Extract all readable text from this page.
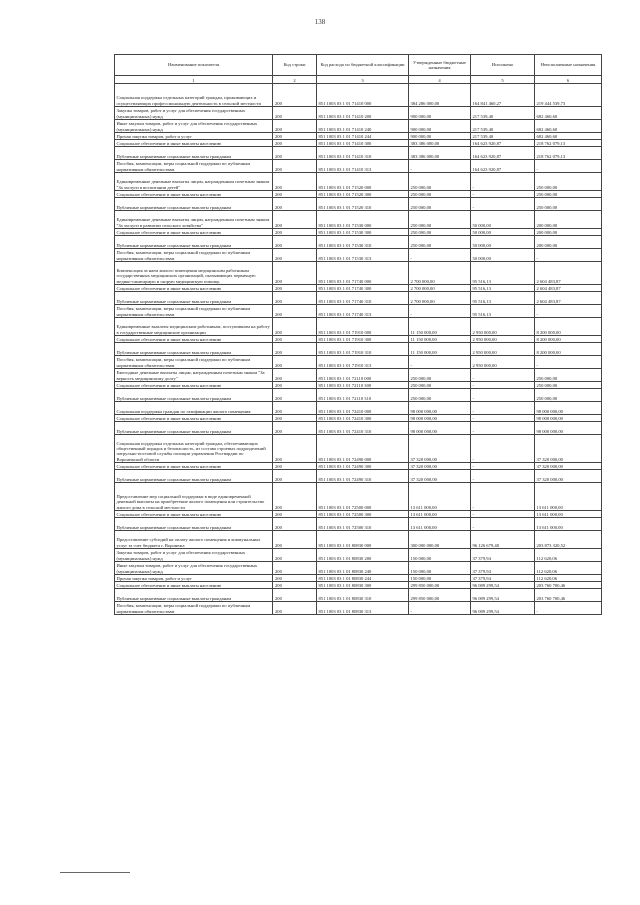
138
Наименование показателя	Код строки	Код расхода по бюджетной классификации	Утвержденные бюджетные назначения	Исполнено	Неисполненные назначения
1	2	3	4	5	6
Социальная поддержка отдельных категорий граждан, проживающих и осуществляющих профессиональную деятельность в сельской местности	200	851 1003 03 1 01 71410 000	384 286 000,00	164 841 460,27	219 444 539,73
Закупка товаров, работ и услуг для обеспечения государственных (муниципальных) нужд	200	851 1003 03 1 01 71410 200	900 000,00	217 539,40	682 460,60
Иные закупки товаров, работ и услуг для обеспечения государственных (муниципальных) нужд	200	851 1003 03 1 01 71410 240	900 000,00	217 539,40	682 460,60
Прочая закупка товаров, работ и услуг	200	851 1003 03 1 01 71410 244	900 000,00	217 539,40	682 460,60
Социальное обеспечение и иные выплаты населению	200	851 1003 03 1 01 71410 300	383 386 000,00	164 623 920,87	218 762 079,13
Публичные нормативные социальные выплаты гражданам	200	851 1003 03 1 01 71410 310	383 386 000,00	164 623 920,87	218 762 079,13
Пособия, компенсации, меры социальной поддержки по публичным нормативным обязательствам	200	851 1003 03 1 01 71410 313	-	164 623 920,87	-
Единовременные денежные выплаты лицам, награжденным почетным знаком "За заслуги в воспитании детей"	200	851 1003 03 1 01 71520 000	250 000,00	-	250 000,00
Социальное обеспечение и иные выплаты населению	200	851 1003 03 1 01 71520 300	250 000,00	-	250 000,00
Публичные нормативные социальные выплаты гражданам	200	851 1003 03 1 01 71520 310	250 000,00	-	250 000,00
Единовременные денежные выплаты лицам, награжденным почетным знаком "За заслуги в развитии сельского хозяйства"	200	851 1003 03 1 01 71530 000	250 000,00	50 000,00	200 000,00
Социальное обеспечение и иные выплаты населению	200	851 1003 03 1 01 71530 300	250 000,00	50 000,00	200 000,00
Публичные нормативные социальные выплаты гражданам	200	851 1003 03 1 01 71530 310	250 000,00	50 000,00	200 000,00
Пособия, компенсации, меры социальной поддержки по публичным нормативным обязательствам	200	851 1003 03 1 01 71530 313	-	50 000,00	-
Компенсация за наем жилого помещения медицинским работникам государственных медицинских организаций, оказывающих первичную медико-санитарную и скорую медицинскую помощь	200	851 1003 03 1 01 71740 000	2 700 000,00	95 516,13	2 604 483,87
Социальное обеспечение и иные выплаты населению	200	851 1003 03 1 01 71740 300	2 700 000,00	95 516,13	2 604 483,87
Публичные нормативные социальные выплаты гражданам	200	851 1003 03 1 01 71740 310	2 700 000,00	95 516,13	2 604 483,87
Пособия, компенсации, меры социальной поддержки по публичным нормативным обязательствам	200	851 1003 03 1 01 71740 313	-	95 516,13	-
Единовременные выплаты медицинским работникам, поступившим на работу в государственные медицинские организации	200	851 1003 03 1 01 71910 000	11 150 000,00	2 950 000,00	8 200 000,00
Социальное обеспечение и иные выплаты населению	200	851 1003 03 1 01 71910 300	11 150 000,00	2 950 000,00	8 200 000,00
Публичные нормативные социальные выплаты гражданам	200	851 1003 03 1 01 71910 310	11 150 000,00	2 950 000,00	8 200 000,00
Пособия, компенсации, меры социальной поддержки по публичным нормативным обязательствам	200	851 1003 03 1 01 71910 313	-	2 950 000,00	-
Ежегодные денежные выплаты лицам, награжденным почетным знаком "За верность медицинскому долгу"	200	851 1003 03 1 01 72110 000	250 000,00	-	250 000,00
Социальное обеспечение и иные выплаты населению	200	851 1003 03 1 01 72110 300	250 000,00	-	250 000,00
Публичные нормативные социальные выплаты гражданам	200	851 1003 03 1 01 72110 310	250 000,00	-	250 000,00
Социальная поддержка граждан по газификации жилого помещения	200	851 1003 03 1 01 72410 000	98 000 000,00	-	98 000 000,00
Социальное обеспечение и иные выплаты населению	200	851 1003 03 1 01 72410 300	98 000 000,00	-	98 000 000,00
Публичные нормативные социальные выплаты гражданам	200	851 1003 03 1 01 72410 310	98 000 000,00	-	98 000 000,00
Социальная поддержка отдельных категорий граждан, обеспечивающих общественный порядок и безопасность, из состава строевых подразделений патрульно-постовой службы полиции управления Росгвардии по Воронежской области	200	851 1003 03 1 01 72490 000	37 320 000,00	-	37 320 000,00
Социальное обеспечение и иные выплаты населению	200	851 1003 03 1 01 72490 300	37 320 000,00	-	37 320 000,00
Публичные нормативные социальные выплаты гражданам	200	851 1003 03 1 01 72490 310	37 320 000,00	-	37 320 000,00
Предоставление мер социальной поддержки в виде единовременной денежной выплаты на приобретение жилого помещения или строительство жилого дома в сельской местности	200	851 1003 03 1 01 72500 000	13 611 000,00	-	13 611 000,00
Социальное обеспечение и иные выплаты населению	200	851 1003 03 1 01 72500 300	13 611 000,00	-	13 611 000,00
Публичные нормативные социальные выплаты гражданам	200	851 1003 03 1 01 72500 310	13 611 000,00	-	13 611 000,00
Предоставление субсидий на оплату жилого помещения и коммунальных услуг за счет бюджета г. Воронежа	200	851 1003 03 1 01 80830 000	300 000 000,00	96 126 679,48	203 873 320,52
Закупка товаров, работ и услуг для обеспечения государственных (муниципальных) нужд	200	851 1003 03 1 01 80830 200	150 000,00	37 379,94	112 620,06
Иные закупки товаров, работ и услуг для обеспечения государственных (муниципальных) нужд	200	851 1003 03 1 01 80830 240	150 000,00	37 379,94	112 620,06
Прочая закупка товаров, работ и услуг	200	851 1003 03 1 01 80830 244	150 000,00	37 379,94	112 620,06
Социальное обеспечение и иные выплаты населению	200	851 1003 03 1 01 80830 300	299 850 000,00	96 089 299,54	203 760 700,46
Публичные нормативные социальные выплаты гражданам	200	851 1003 03 1 01 80830 310	299 850 000,00	96 089 299,54	203 760 700,46
Пособия, компенсации, меры социальной поддержки по публичным нормативным обязательствам	200	851 1003 03 1 01 80830 313	-	96 089 299,54	-
